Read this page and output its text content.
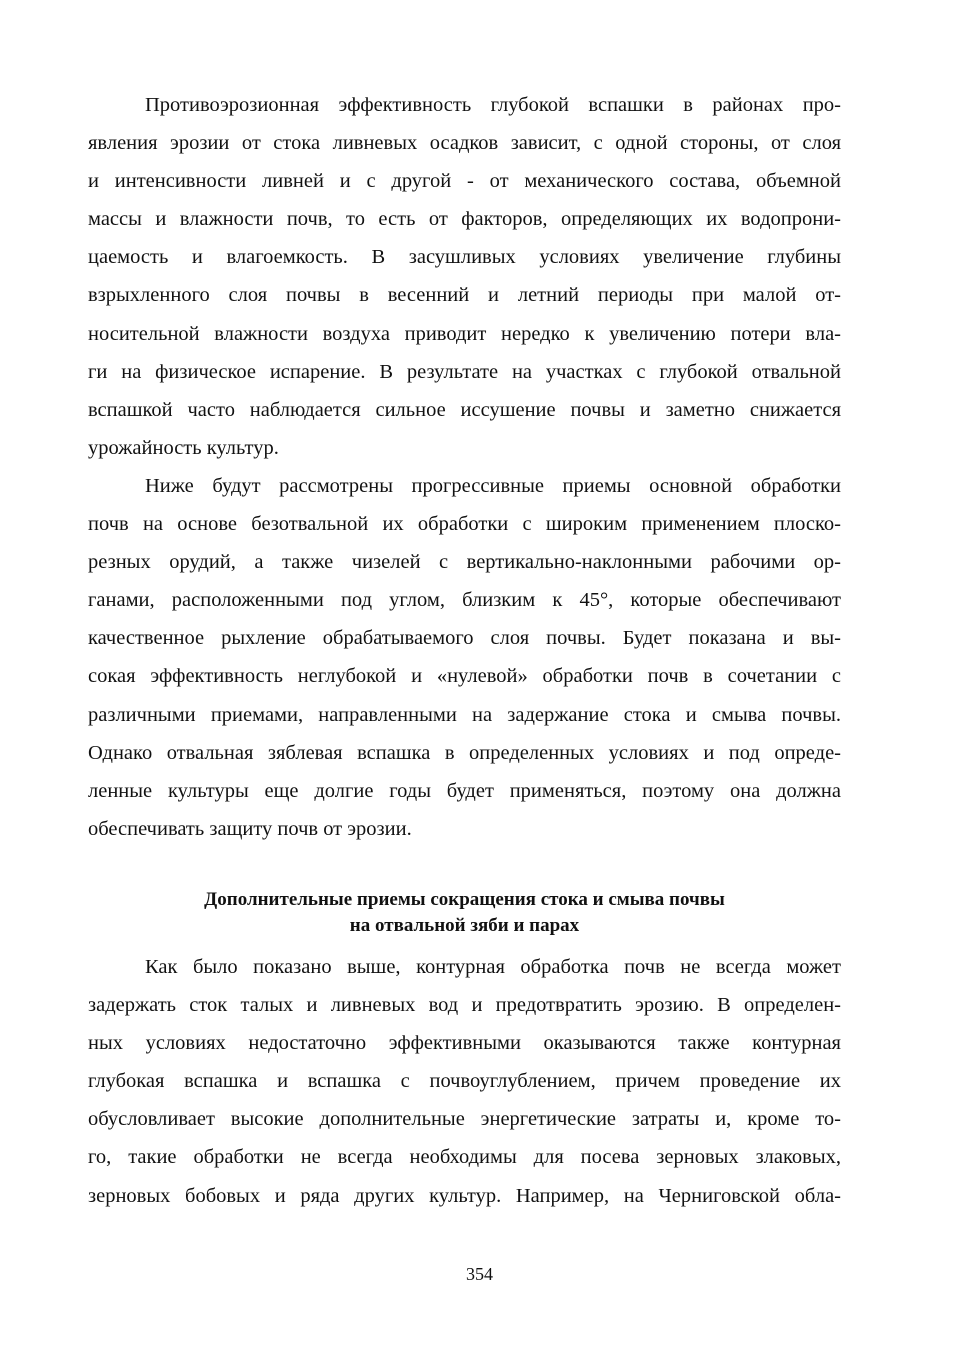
Противоэрозионная эффективность глубокой вспашки в районах про-
явления эрозии от стока ливневых осадков зависит, с одной стороны, от слоя
и интенсивности ливней и с другой - от механического состава, объемной
массы и влажности почв, то есть от факторов, определяющих их водопрони-
цаемость и влагоемкость. В засушливых условиях увеличение глубины
взрыхленного слоя почвы в весенний и летний периоды при малой от-
носительной влажности воздуха приводит нередко к увеличению потери вла-
ги на физическое испарение. В результате на участках с глубокой отвальной
вспашкой часто наблюдается сильное иссушение почвы и заметно снижается
урожайность культур.
Ниже будут рассмотрены прогрессивные приемы основной обработки
почв на основе безотвальной их обработки с широким применением плоско-
резных орудий, а также чизелей с вертикально-наклонными рабочими ор-
ганами, расположенными под углом, близким к 45°, которые обеспечивают
качественное рыхление обрабатываемого слоя почвы. Будет показана и вы-
сокая эффективность неглубокой и «нулевой» обработки почв в сочетании с
различными приемами, направленными на задержание стока и смыва почвы.
Однако отвальная зяблевая вспашка в определенных условиях и под опреде-
ленные культуры еще долгие годы будет применяться, поэтому она должна
обеспечивать защиту почв от эрозии.
Дополнительные приемы сокращения стока и смыва почвы
на отвальной зяби и парах
Как было показано выше, контурная обработка почв не всегда может
задержать сток талых и ливневых вод и предотвратить эрозию. В определен-
ных условиях недостаточно эффективными оказываются также контурная
глубокая вспашка и вспашка с почвоуглублением, причем проведение их
обусловливает высокие дополнительные энергетические затраты и, кроме то-
го, такие обработки не всегда необходимы для посева зерновых злаковых,
зерновых бобовых и ряда других культур. Например, на Черниговской обла-
354
